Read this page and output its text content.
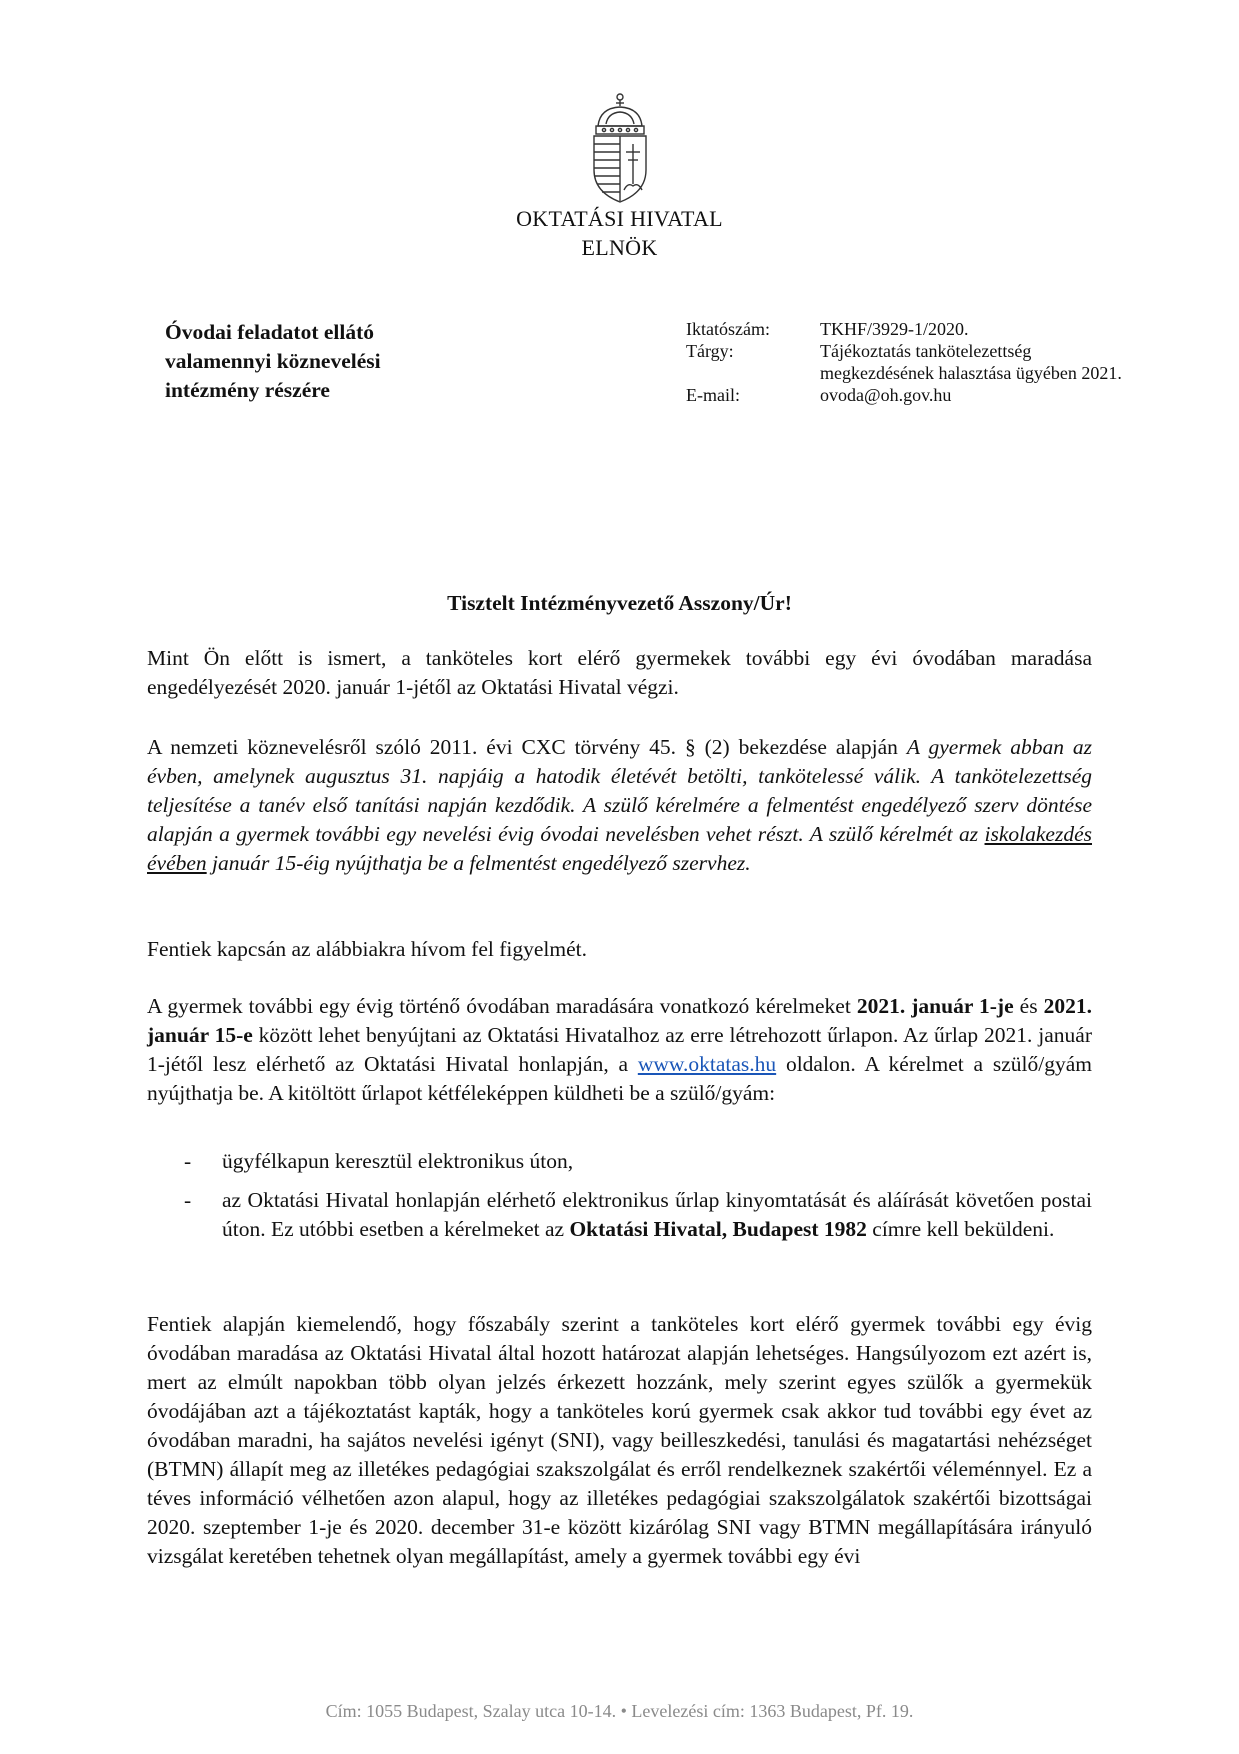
OKTATÁSI HIVATAL
ELNÖK
Óvodai feladatot ellátó
valamennyi köznevelési
intézmény részére
Iktatószám:	TKHF/3929-1/2020.
Tárgy:	Tájékoztatás tankötelezettség megkezdésének halasztása ügyében 2021.
E-mail:	ovoda@oh.gov.hu
Tisztelt Intézményvezető Asszony/Úr!
Mint Ön előtt is ismert, a tanköteles kort elérő gyermekek további egy évi óvodában maradása engedélyezését 2020. január 1-jétől az Oktatási Hivatal végzi.
A nemzeti köznevelésről szóló 2011. évi CXC törvény 45. § (2) bekezdése alapján A gyermek abban az évben, amelynek augusztus 31. napjáig a hatodik életévét betölti, tankötelessé válik. A tankötelezettség teljesítése a tanév első tanítási napján kezdődik. A szülő kérelmére a felmentést engedélyező szerv döntése alapján a gyermek további egy nevelési évig óvodai nevelésben vehet részt. A szülő kérelmét az iskolakezdés évében január 15-éig nyújthatja be a felmentést engedélyező szervhez.
Fentiek kapcsán az alábbiakra hívom fel figyelmét.
A gyermek további egy évig történő óvodában maradására vonatkozó kérelmeket 2021. január 1-je és 2021. január 15-e között lehet benyújtani az Oktatási Hivatalhoz az erre létrehozott űrlapon. Az űrlap 2021. január 1-jétől lesz elérhető az Oktatási Hivatal honlapján, a www.oktatas.hu oldalon. A kérelmet a szülő/gyám nyújthatja be. A kitöltött űrlapot kétféleképpen küldheti be a szülő/gyám:
- ügyfélkapun keresztül elektronikus úton,
- az Oktatási Hivatal honlapján elérhető elektronikus űrlap kinyomtatását és aláírását követően postai úton. Ez utóbbi esetben a kérelmeket az Oktatási Hivatal, Budapest 1982 címre kell beküldeni.
Fentiek alapján kiemelendő, hogy főszabály szerint a tanköteles kort elérő gyermek további egy évig óvodában maradása az Oktatási Hivatal által hozott határozat alapján lehetséges. Hangsúlyozom ezt azért is, mert az elmúlt napokban több olyan jelzés érkezett hozzánk, mely szerint egyes szülők a gyermekük óvodájában azt a tájékoztatást kapták, hogy a tanköteles korú gyermek csak akkor tud további egy évet az óvodában maradni, ha sajátos nevelési igényt (SNI), vagy beilleszkedési, tanulási és magatartási nehézséget (BTMN) állapít meg az illetékes pedagógiai szakszolgálat és erről rendelkeznek szakértői véleménnyel. Ez a téves információ vélhetően azon alapul, hogy az illetékes pedagógiai szakszolgálatok szakértői bizottságai 2020. szeptember 1-je és 2020. december 31-e között kizárólag SNI vagy BTMN megállapítására irányuló vizsgálat keretében tehetnek olyan megállapítást, amely a gyermek további egy évi
Cím: 1055 Budapest, Szalay utca 10-14. • Levelezési cím: 1363 Budapest, Pf. 19.
